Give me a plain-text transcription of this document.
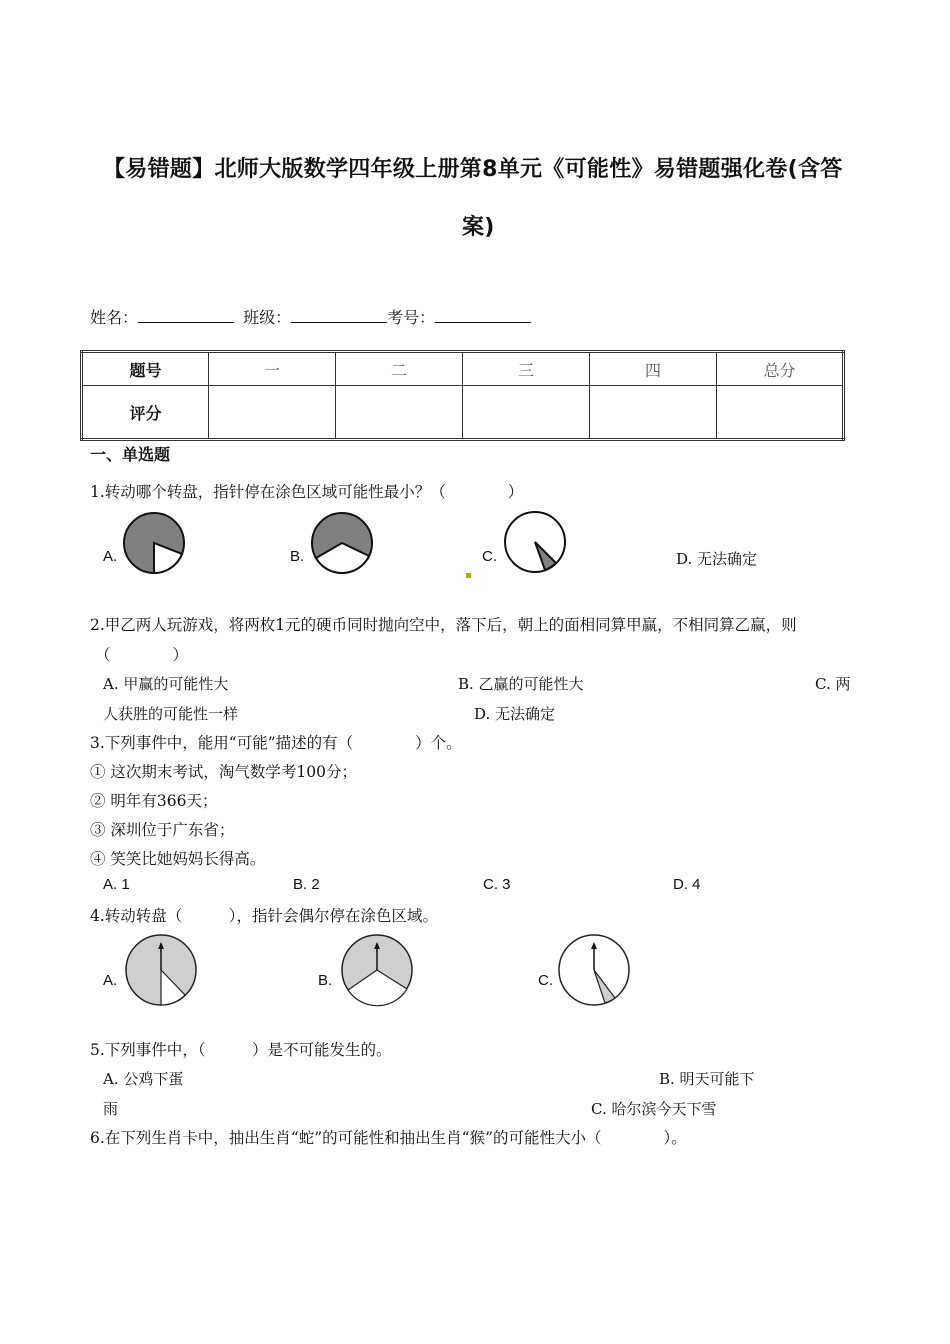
【易错题】北师大版数学四年级上册第8单元《可能性》易错题强化卷(含答
案)
姓名：	班级：	考号：
题号	一	二	三	四	总分
评分					
一、单选题
1.转动哪个转盘，指针停在涂色区域可能性最小？（　　　　）
A.	B.	C.	D. 无法确定
2.甲乙两人玩游戏，将两枚1元的硬币同时抛向空中，落下后，朝上的面相同算甲赢，不相同算乙赢，则
（　　　　）
A. 甲赢的可能性大	B. 乙赢的可能性大	C. 两
人获胜的可能性一样	D. 无法确定
3.下列事件中，能用“可能”描述的有（　　　　）个。
① 这次期末考试，淘气数学考100分；
② 明年有366天；
③ 深圳位于广东省；
④ 笑笑比她妈妈长得高。
A. 1	B. 2	C. 3	D. 4
4.转动转盘（　　　），指针会偶尔停在涂色区域。
A.	B.	C.
5.下列事件中，（　　　）是不可能发生的。
A. 公鸡下蛋	B. 明天可能下
雨	C. 哈尔滨今天下雪
6.在下列生肖卡中，抽出生肖“蛇”的可能性和抽出生肖“猴”的可能性大小（　　　　）。
